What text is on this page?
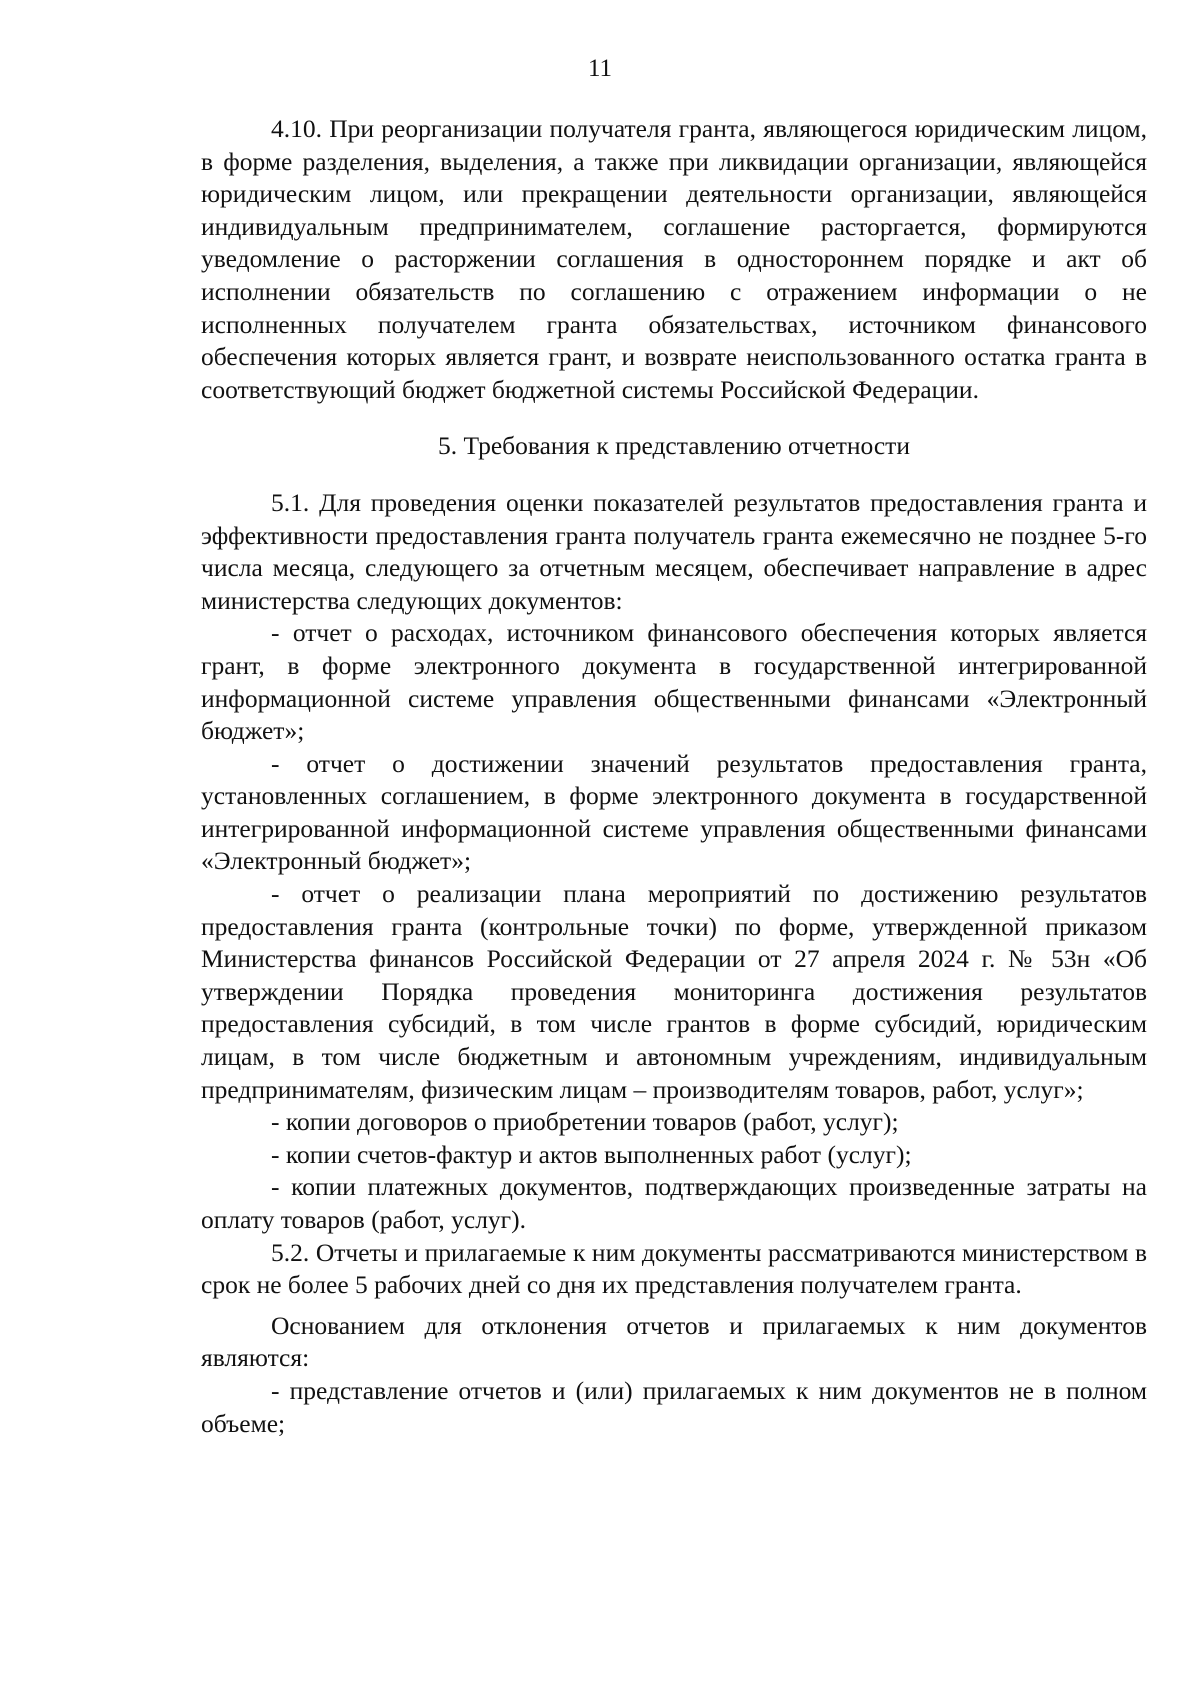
11

4.10. При реорганизации получателя гранта, являющегося юридическим лицом, в форме разделения, выделения, а также при ликвидации организации, являющейся юридическим лицом, или прекращении деятельности организации, являющейся индивидуальным предпринимателем, соглашение расторгается, формируются уведомление о расторжении соглашения в одностороннем порядке и акт об исполнении обязательств по соглашению с отражением информации о не исполненных получателем гранта обязательствах, источником финансового обеспечения которых является грант, и возврате неиспользованного остатка гранта в соответствующий бюджет бюджетной системы Российской Федерации.

5. Требования к представлению отчетности

5.1. Для проведения оценки показателей результатов предоставления гранта и эффективности предоставления гранта получатель гранта ежемесячно не позднее 5-го числа месяца, следующего за отчетным месяцем, обеспечивает направление в адрес министерства следующих документов:

- отчет о расходах, источником финансового обеспечения которых является грант, в форме электронного документа в государственной интегрированной информационной системе управления общественными финансами «Электронный бюджет»;

- отчет о достижении значений результатов предоставления гранта, установленных соглашением, в форме электронного документа в государственной интегрированной информационной системе управления общественными финансами «Электронный бюджет»;

- отчет о реализации плана мероприятий по достижению результатов предоставления гранта (контрольные точки) по форме, утвержденной приказом Министерства финансов Российской Федерации от 27 апреля 2024 г. № 53н «Об утверждении Порядка проведения мониторинга достижения результатов предоставления субсидий, в том числе грантов в форме субсидий, юридическим лицам, в том числе бюджетным и автономным учреждениям, индивидуальным предпринимателям, физическим лицам – производителям товаров, работ, услуг»;

- копии договоров о приобретении товаров (работ, услуг);

- копии счетов-фактур и актов выполненных работ (услуг);

- копии платежных документов, подтверждающих произведенные затраты на оплату товаров (работ, услуг).

5.2. Отчеты и прилагаемые к ним документы рассматриваются министерством в срок не более 5 рабочих дней со дня их представления получателем гранта.

Основанием для отклонения отчетов и прилагаемых к ним документов являются:

- представление отчетов и (или) прилагаемых к ним документов не в полном объеме;
